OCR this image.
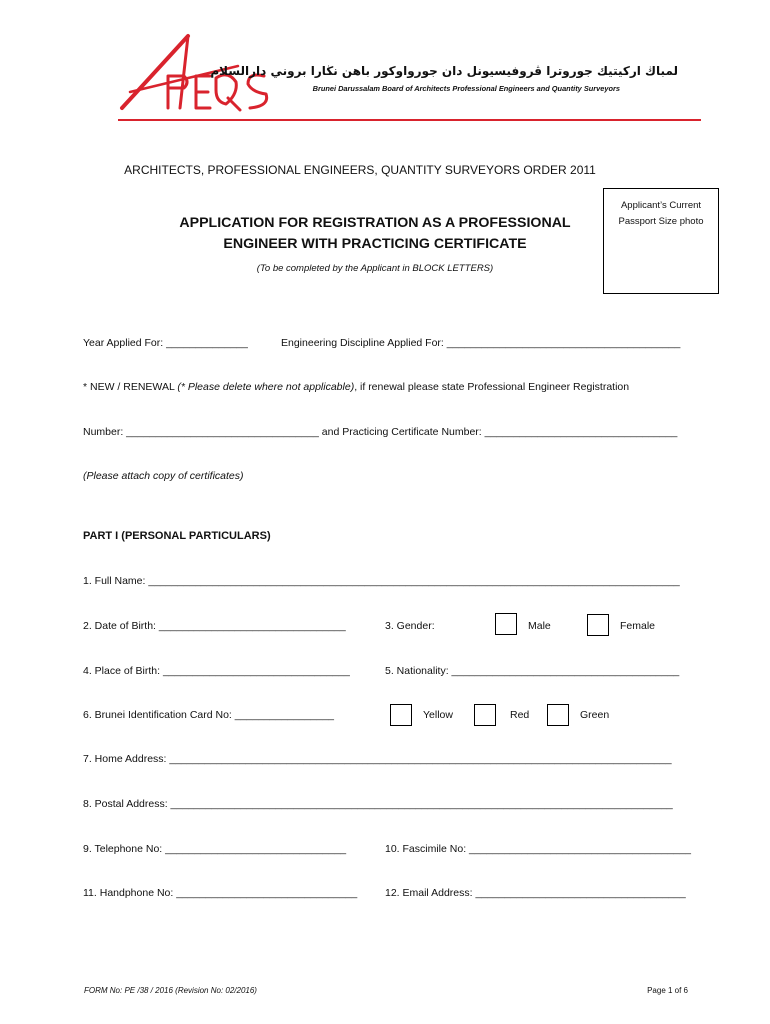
لمباڬ اركيتيك جوروترا ڤروفيسيونل دان جورواوكور باهن نڬارا بروني دارالسلام
Brunei Darussalam Board of Architects Professional Engineers and Quantity Surveyors
ARCHITECTS, PROFESSIONAL ENGINEERS, QUANTITY SURVEYORS ORDER 2011
Applicant’s Current
Passport Size photo
APPLICATION FOR REGISTRATION AS A PROFESSIONAL
ENGINEER WITH PRACTICING CERTIFICATE
(To be completed by the Applicant in BLOCK LETTERS)
Year Applied For: ______________	Engineering Discipline Applied For: ________________________________________
* NEW / RENEWAL (* Please delete where not applicable), if renewal please state Professional Engineer Registration
Number: _________________________________ and Practicing Certificate Number: _________________________________
(Please attach copy of certificates)
PART I (PERSONAL PARTICULARS)
1. Full Name: ___________________________________________________________________________________________
2. Date of Birth: ________________________________	3. Gender:	Male	Female
4. Place of Birth: ________________________________	5. Nationality: _______________________________________
6. Brunei Identification Card No: _________________	Yellow	Red	Green
7. Home Address: ______________________________________________________________________________________
8. Postal Address: ______________________________________________________________________________________
9. Telephone No: _______________________________	10. Fascimile No: ______________________________________
11. Handphone No: _______________________________	12. Email Address: ____________________________________
FORM No: PE /38 / 2016 (Revision No: 02/2016)	Page 1 of 6
